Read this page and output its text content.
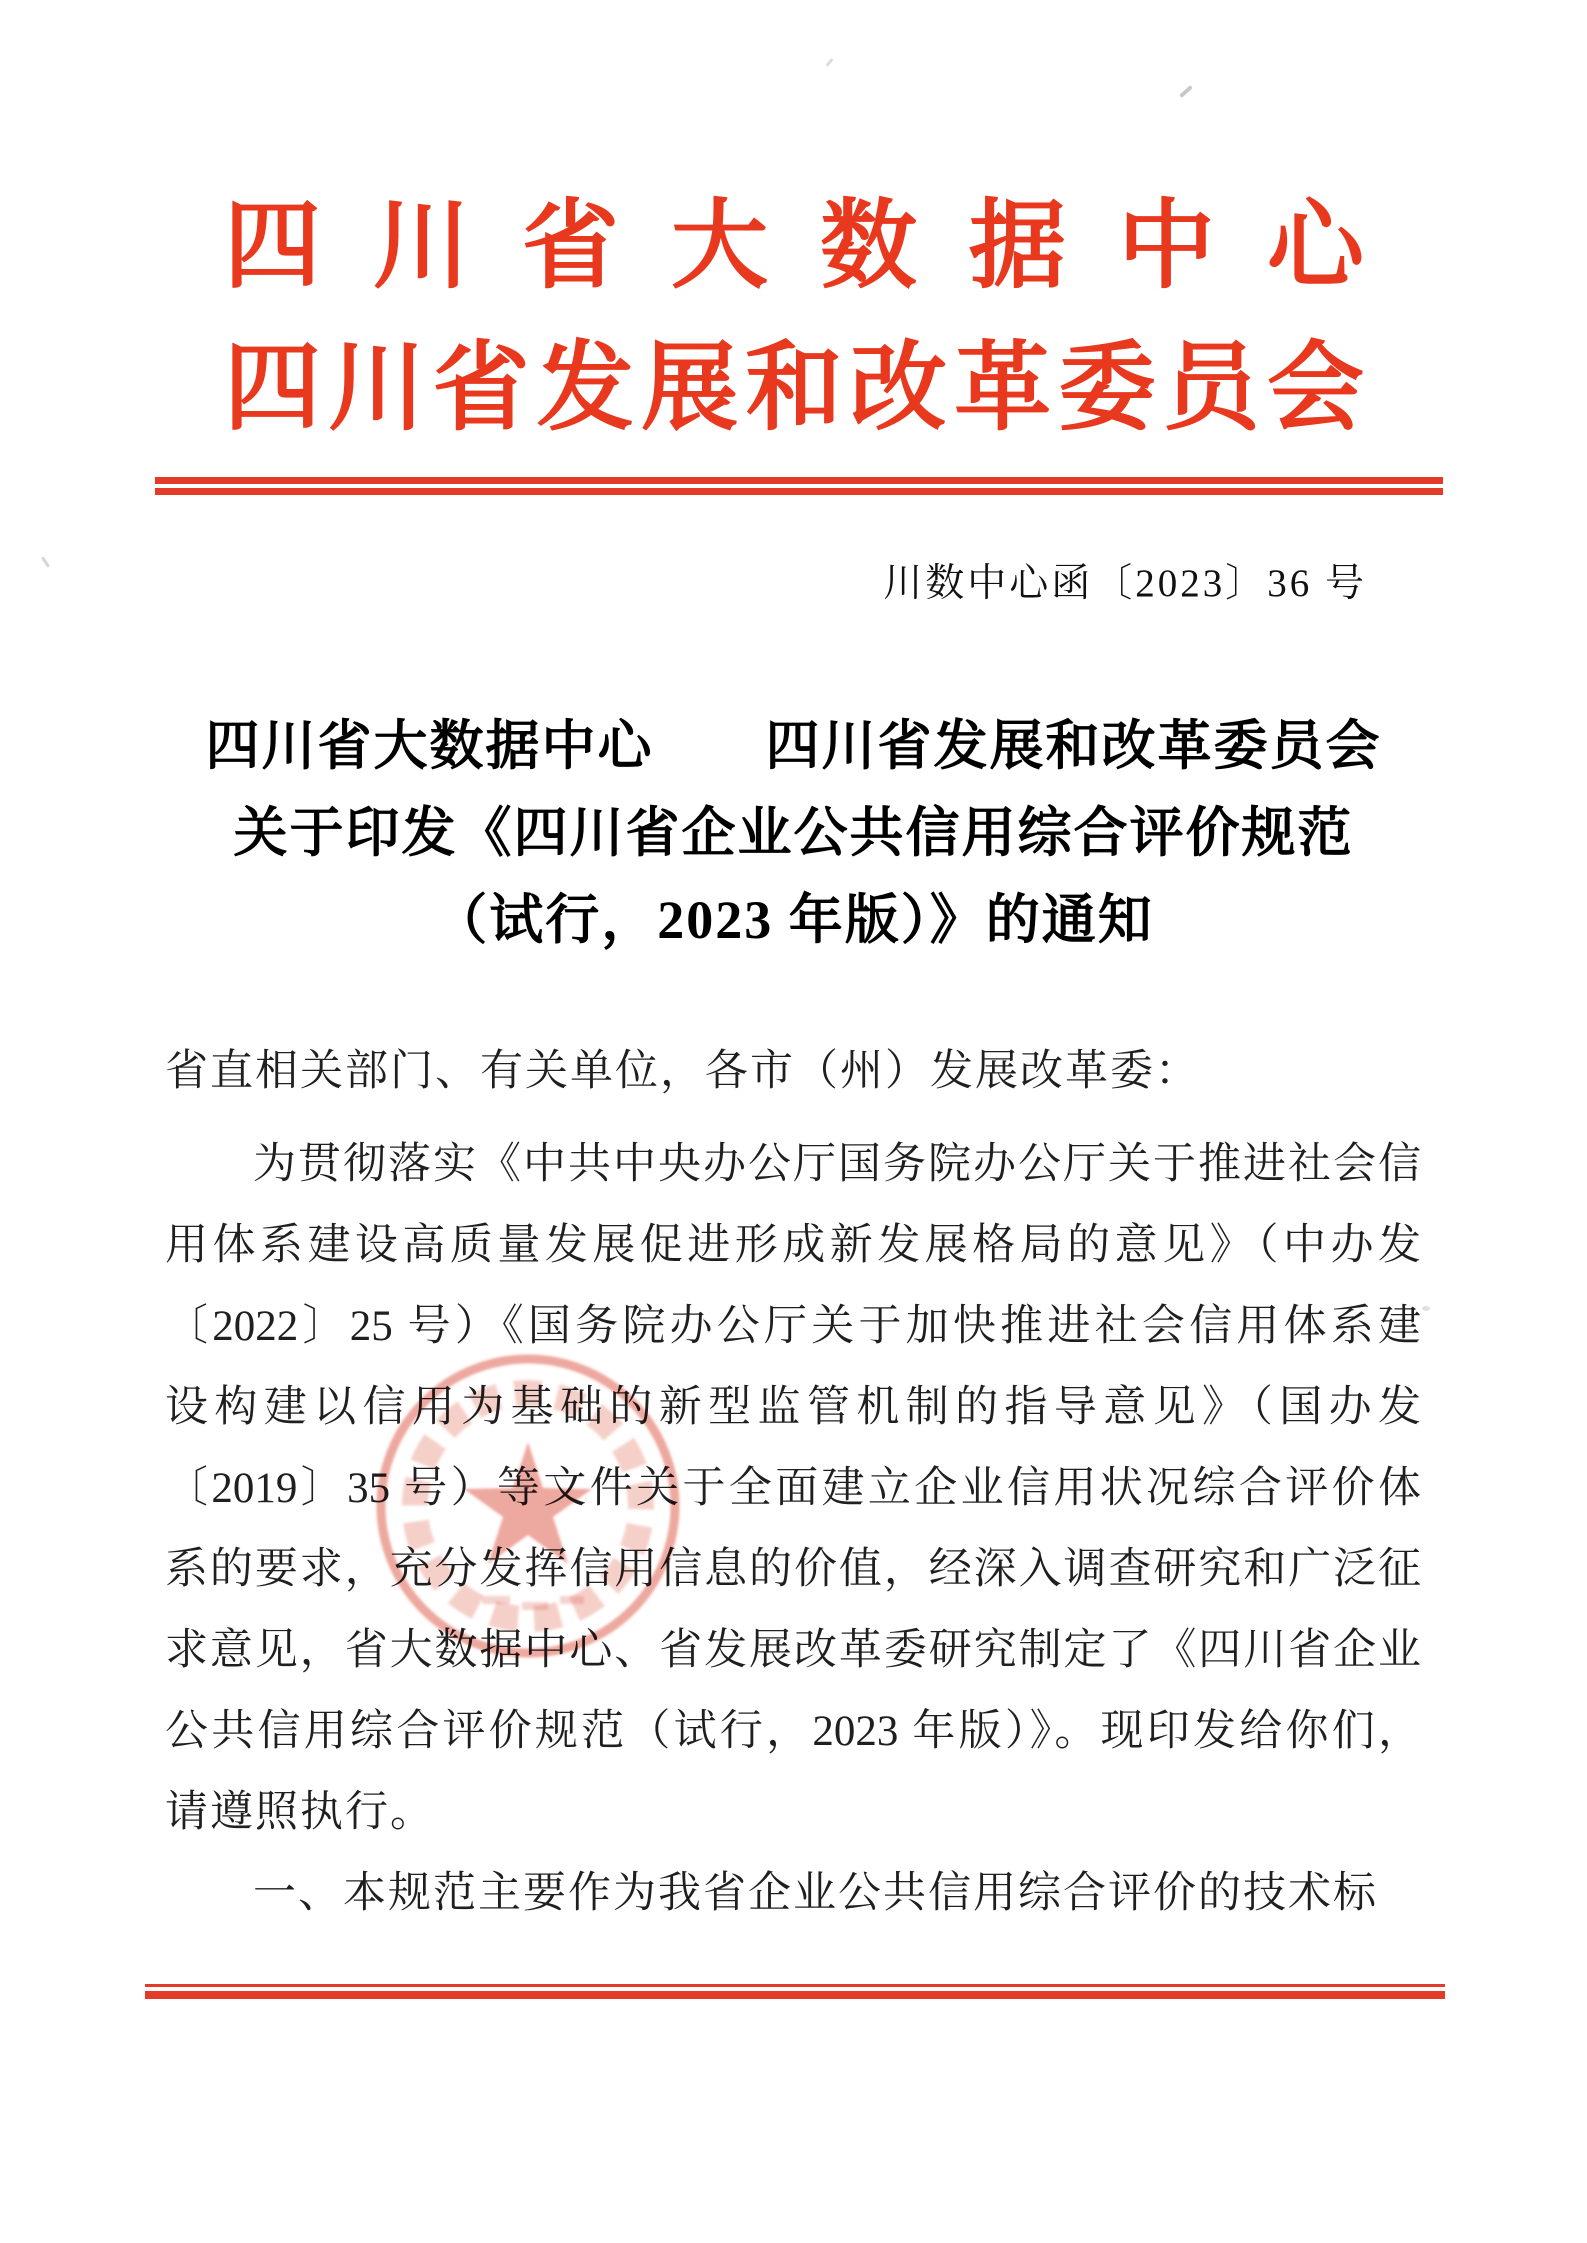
四川省大数据中心
四川省发展和改革委员会
川数中心函〔2023〕36 号
四川省大数据中心　　四川省发展和改革委员会
关于印发《四川省企业公共信用综合评价规范
（试行，2023 年版）》的通知
省直相关部门、有关单位，各市（州）发展改革委：
为贯彻落实《中共中央办公厅国务院办公厅关于推进社会信
用体系建设高质量发展促进形成新发展格局的意见》（中办发
〔2022〕25 号）《国务院办公厅关于加快推进社会信用体系建
设构建以信用为基础的新型监管机制的指导意见》（国办发
〔2019〕35 号）等文件关于全面建立企业信用状况综合评价体
系的要求，充分发挥信用信息的价值，经深入调查研究和广泛征
求意见，省大数据中心、省发展改革委研究制定了《四川省企业
公共信用综合评价规范（试行，2023 年版）》。现印发给你们，
请遵照执行。
一、本规范主要作为我省企业公共信用综合评价的技术标
